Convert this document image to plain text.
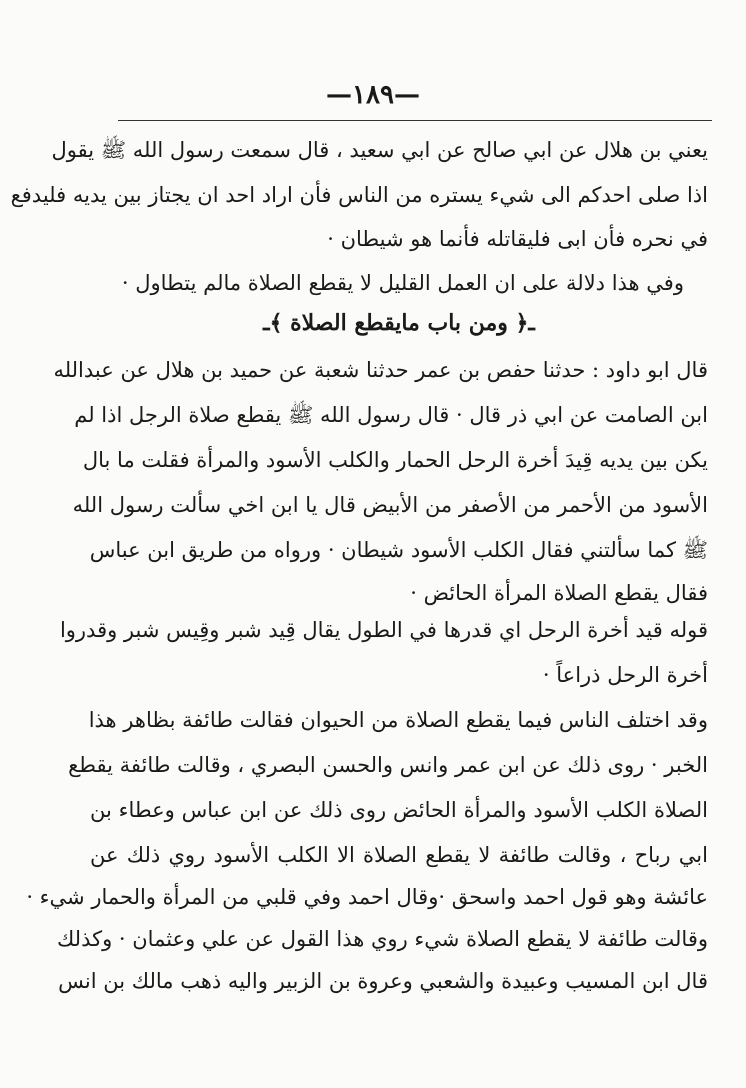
—١٨٩—
يعني بن هلال عن ابي صالح عن ابي سعيد ، قال سمعت رسول الله ﷺ يقول
اذا صلى احدكم الى شيء يستره من الناس فأن اراد احد ان يجتاز بين يديه فليدفع
في نحره فأن ابى فليقاتله فأنما هو شيطان ·
وفي هذا دلالة على ان العمل القليل لا يقطع الصلاة مالم يتطاول ·
ـ﴿ ومن باب مايقطع الصلاة ﴾ـ
قال ابو داود : حدثنا حفص بن عمر حدثنا شعبة عن حميد بن هلال عن عبدالله
ابن الصامت عن ابي ذر قال · قال رسول الله ﷺ يقطع صلاة الرجل اذا لم
يكن بين يديه قِيدَ أخرة الرحل الحمار والكلب الأسود والمرأة فقلت ما بال
الأسود من الأحمر من الأصفر من الأبيض قال يا ابن اخي سألت رسول الله
ﷺ كما سألتني فقال الكلب الأسود شيطان · ورواه من طريق ابن عباس
فقال يقطع الصلاة المرأة الحائض ·
قوله قيد أخرة الرحل اي قدرها في الطول يقال قِيد شبر وقِيس شبر وقدروا
أخرة الرحل ذراعاً ·
وقد اختلف الناس فيما يقطع الصلاة من الحيوان فقالت طائفة بظاهر هذا
الخبر · روى ذلك عن ابن عمر وانس والحسن البصري ، وقالت طائفة يقطع
الصلاة الكلب الأسود والمرأة الحائض روى ذلك عن ابن عباس وعطاء بن
ابي رباح ، وقالت طائفة لا يقطع الصلاة الا الكلب الأسود روي ذلك عن
عائشة وهو قول احمد واسحق ·وقال احمد وفي قلبي من المرأة والحمار شيء ·
وقالت طائفة لا يقطع الصلاة شيء روي هذا القول عن علي وعثمان · وكذلك
قال ابن المسيب وعبيدة والشعبي وعروة بن الزبير واليه ذهب مالك بن انس
